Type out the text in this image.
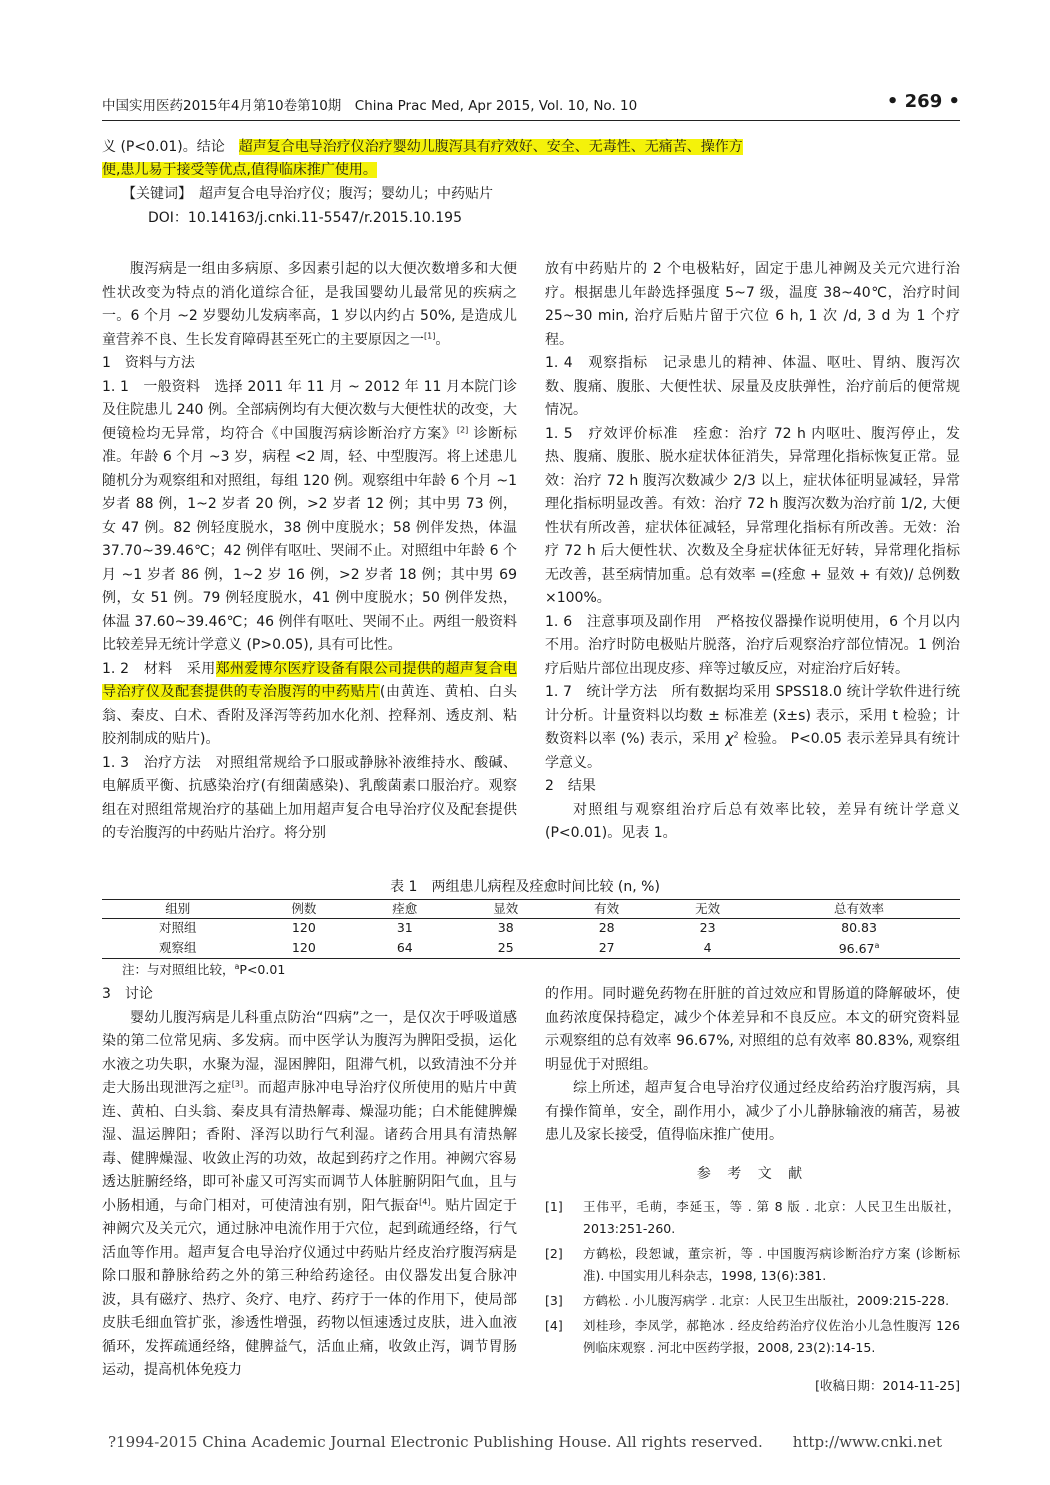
中国实用医药2015年4月第10卷第10期　China Prac Med, Apr 2015, Vol. 10, No. 10	• 269 •

义 (P<0.01)。结论　 超声复合电导治疗仪治疗婴幼儿腹泻具有疗效好、安全、无毒性、无痛苦、操作方

便,患儿易于接受等优点,值得临床推广使用。

【关键词】　超声复合电导治疗仪；腹泻；婴幼儿；中药贴片

DOI：10.14163/j.cnki.11-5547/r.2015.10.195

腹泻病是一组由多病原、多因素引起的以大便次数增多和大便性状改变为特点的消化道综合征，是我国婴幼儿最常见的疾病之一。6 个月 ~2 岁婴幼儿发病率高，1 岁以内约占 50%, 是造成儿童营养不良、生长发育障碍甚至死亡的主要原因之一[1]。

1　资料与方法

1. 1　一般资料　选择 2011 年 11 月 ~ 2012 年 11 月本院门诊及住院患儿 240 例。全部病例均有大便次数与大便性状的改变，大便镜检均无异常，均符合《中国腹泻病诊断治疗方案》[2] 诊断标准。年龄 6 个月 ~3 岁，病程 <2 周，轻、中型腹泻。将上述患儿随机分为观察组和对照组，每组 120 例。观察组中年龄 6 个月 ~1 岁者 88 例，1~2 岁者 20 例，>2 岁者 12 例；其中男 73 例，女 47 例。82 例轻度脱水，38 例中度脱水；58 例伴发热，体温 37.70~39.46℃；42 例伴有呕吐、哭闹不止。对照组中年龄 6 个月 ~1 岁者 86 例，1~2 岁 16 例，>2 岁者 18 例；其中男 69 例，女 51 例。79 例轻度脱水，41 例中度脱水；50 例伴发热，体温 37.60~39.46℃；46 例伴有呕吐、哭闹不止。两组一般资料比较差异无统计学意义 (P>0.05), 具有可比性。

1. 2　材料　采用郑州爱博尔医疗设备有限公司提供的超声复合电导治疗仪及配套提供的专治腹泻的中药贴片(由黄连、黄柏、白头翁、秦皮、白术、香附及泽泻等药加水化剂、控释剂、透皮剂、粘胶剂制成的贴片)。

1. 3　治疗方法　对照组常规给予口服或静脉补液维持水、酸碱、电解质平衡、抗感染治疗(有细菌感染)、乳酸菌素口服治疗。观察组在对照组常规治疗的基础上加用超声复合电导治疗仪及配套提供的专治腹泻的中药贴片治疗。将分别

放有中药贴片的 2 个电极粘好，固定于患儿神阙及关元穴进行治疗。根据患儿年龄选择强度 5~7 级，温度 38~40℃，治疗时间 25~30 min, 治疗后贴片留于穴位 6 h, 1 次 /d, 3 d 为 1 个疗程。

1. 4　观察指标　记录患儿的精神、体温、呕吐、胃纳、腹泻次数、腹痛、腹胀、大便性状、尿量及皮肤弹性，治疗前后的便常规情况。

1. 5　疗效评价标准　痊愈：治疗 72 h 内呕吐、腹泻停止，发热、腹痛、腹胀、脱水症状体征消失，异常理化指标恢复正常。显效：治疗 72 h 腹泻次数减少 2/3 以上，症状体征明显减轻，异常理化指标明显改善。有效：治疗 72 h 腹泻次数为治疗前 1/2, 大便性状有所改善，症状体征减轻，异常理化指标有所改善。无效：治疗 72 h 后大便性状、次数及全身症状体征无好转，异常理化指标无改善，甚至病情加重。总有效率 =(痊愈 + 显效 + 有效)/ 总例数 ×100%。

1. 6　注意事项及副作用　严格按仪器操作说明使用，6 个月以内不用。治疗时防电极贴片脱落，治疗后观察治疗部位情况。1 例治疗后贴片部位出现皮疹、痒等过敏反应，对症治疗后好转。

1. 7　统计学方法　所有数据均采用 SPSS18.0 统计学软件进行统计分析。计量资料以均数 ± 标准差 (x̄±s) 表示，采用 t 检验；计数资料以率 (%) 表示，采用 $\chi^2$ 检验。 P<0.05 表示差异具有统计学意义。

2　结果

对照组与观察组治疗后总有效率比较，差异有统计学意义 (P<0.01)。见表 1。

表 1　两组患儿病程及痊愈时间比较 (n, %)
组别	例数	痊愈	显效	有效	无效	总有效率
对照组	120	31	38	28	23	80.83
观察组	120	64	25	27	4	96.67$^a$
注：与对照组比较，$^a$P<0.01

3　讨论

婴幼儿腹泻病是儿科重点防治“四病”之一，是仅次于呼吸道感染的第二位常见病、多发病。而中医学认为腹泻为脾阳受损，运化水液之功失职，水聚为湿，湿困脾阳，阻滞气机，以致清浊不分并走大肠出现泄泻之症[3]。而超声脉冲电导治疗仪所使用的贴片中黄连、黄柏、白头翁、秦皮具有清热解毒、燥湿功能；白术能健脾燥湿、温运脾阳；香附、泽泻以助行气利湿。诸药合用具有清热解毒、健脾燥湿、收敛止泻的功效，故起到药疗之作用。神阙穴容易透达脏腑经络，即可补虚又可泻实而调节人体脏腑阴阳气血，且与小肠相通，与命门相对，可使清浊有别，阳气振奋[4]。贴片固定于神阙穴及关元穴，通过脉冲电流作用于穴位，起到疏通经络，行气活血等作用。超声复合电导治疗仪通过中药贴片经皮治疗腹泻病是除口服和静脉给药之外的第三种给药途径。由仪器发出复合脉冲波，具有磁疗、热疗、灸疗、电疗、药疗于一体的作用下，使局部皮肤毛细血管扩张，渗透性增强，药物以恒速透过皮肤，进入血液循环，发挥疏通经络，健脾益气，活血止痛，收敛止泻，调节胃肠运动，提高机体免疫力

的作用。同时避免药物在肝脏的首过效应和胃肠道的降解破坏，使血药浓度保持稳定，减少个体差异和不良反应。本文的研究资料显示观察组的总有效率 96.67%, 对照组的总有效率 80.83%, 观察组明显优于对照组。

综上所述，超声复合电导治疗仪通过经皮给药治疗腹泻病，具有操作简单，安全，副作用小，减少了小儿静脉输液的痛苦，易被患儿及家长接受，值得临床推广使用。

参 考 文 献
[1]	王伟平，毛萌，李延玉，等 . 第 8 版 . 北京：人民卫生出版社，2013:251-260.
[2]	方鹤松，段恕诚，董宗祈，等 . 中国腹泻病诊断治疗方案 (诊断标准). 中国实用儿科杂志，1998, 13(6):381.
[3]	方鹤松 . 小儿腹泻病学 . 北京：人民卫生出版社，2009:215-228.
[4]	刘桂珍，李凤学，郝艳冰 . 经皮给药治疗仪佐治小儿急性腹泻 126 例临床观察 . 河北中医药学报，2008, 23(2):14-15.
[收稿日期：2014-11-25]
?1994-2015 China Academic Journal Electronic Publishing House. All rights reserved.　　http://www.cnki.net
